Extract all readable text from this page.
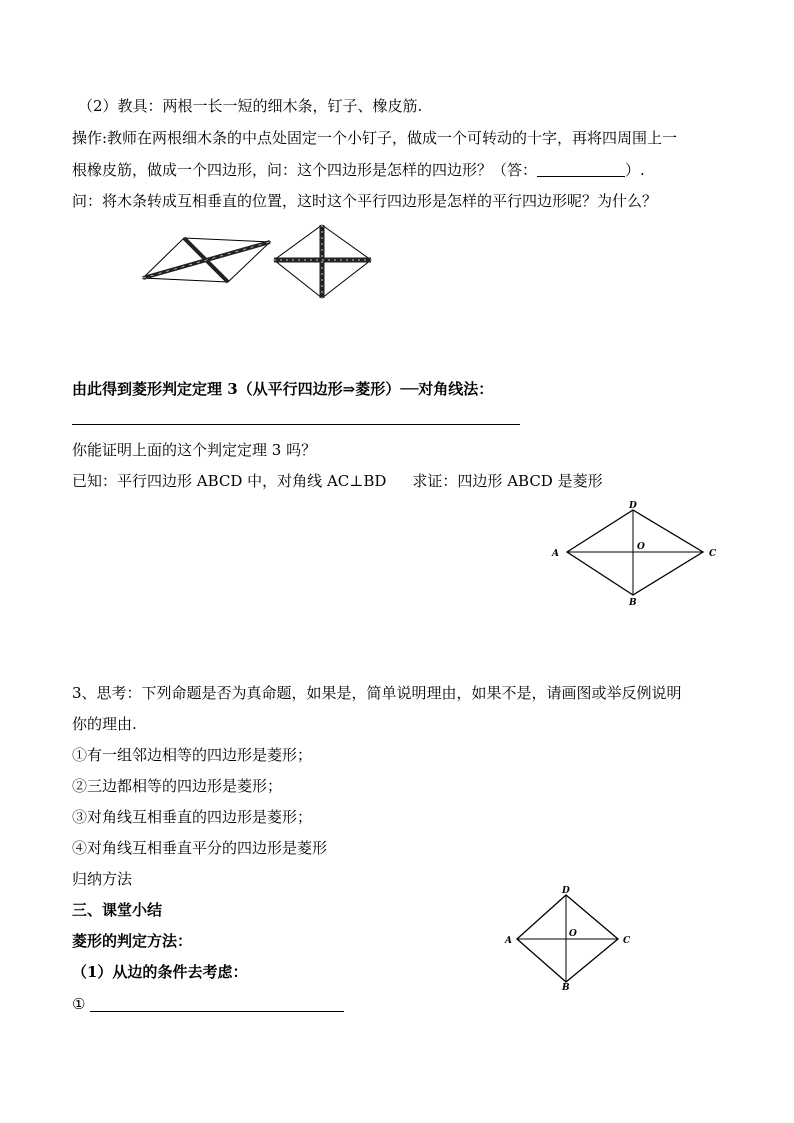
（2）教具：两根一长一短的细木条，钉子、橡皮筋.
操作:教师在两根细木条的中点处固定一个小钉子，做成一个可转动的十字，再将四周围上一
根橡皮筋，做成一个四边形，问：这个四边形是怎样的四边形？（答：	）.
问：将木条转成互相垂直的位置，这时这个平行四边形是怎样的平行四边形呢？为什么？
由此得到菱形判定定理 3（从平行四边形⇒菱形）──对角线法：
你能证明上面的这个判定定理 3 吗？
已知：平行四边形 ABCD 中，对角线 AC⊥BD 求证：四边形 ABCD 是菱形
A
D
C
B
O
3、思考：下列命题是否为真命题，如果是，简单说明理由，如果不是，请画图或举反例说明
你的理由.
①有一组邻边相等的四边形是菱形；
②三边都相等的四边形是菱形；
③对角线互相垂直的四边形是菱形；
④对角线互相垂直平分的四边形是菱形
归纳方法
三、课堂小结
菱形的判定方法：
（1）从边的条件去考虑：
①
A
D
C
B
O
